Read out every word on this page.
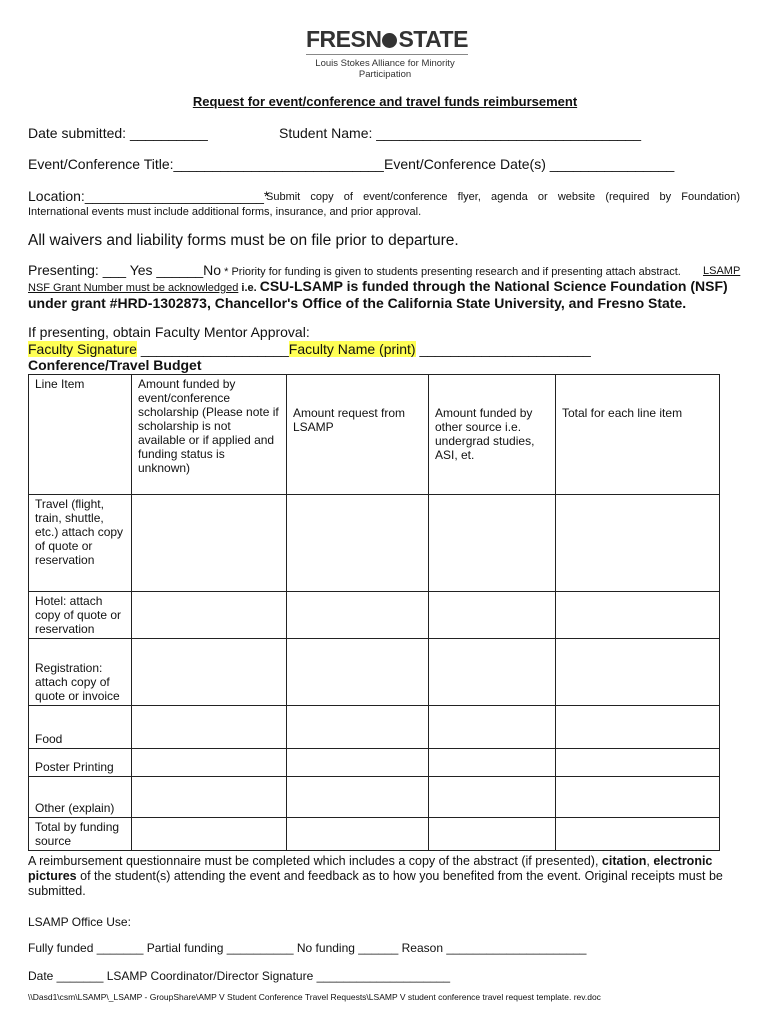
FRESN STATE
Louis Stokes Alliance for Minority
Participation
Request for event/conference and travel funds reimbursement
Date submitted: __________	Student Name: __________________________________
Event/Conference Title:___________________________ Event/Conference Date(s) ________________
Location:_______________________*
Submit copy of event/conference flyer, agenda or website (required by Foundation)
International events must include additional forms, insurance, and prior approval.
All waivers and liability forms must be on file prior to departure.
Presenting: ___ Yes ______No * Priority for funding is given to students presenting research and if presenting attach abstract. LSAMP
NSF Grant Number must be acknowledged i.e. CSU-LSAMP is funded through the National Science Foundation (NSF)
under grant #HRD-1302873, Chancellor's Office of the California State University, and Fresno State.
If presenting, obtain Faculty Mentor Approval:
Faculty Signature ___________________Faculty Name (print) ______________________
Conference/Travel Budget
Line Item	Amount funded by event/conference scholarship (Please note if scholarship is not available or if applied and funding status is unknown)	Amount request from LSAMP	Amount funded by other source i.e. undergrad studies, ASI, et.	Total for each line item
Travel (flight, train, shuttle, etc.) attach copy of quote or reservation				
Hotel: attach copy of quote or reservation				
Registration: attach copy of quote or invoice				
Food				
Poster Printing				
Other (explain)				
Total by funding source				
A reimbursement questionnaire must be completed which includes a copy of the abstract (if presented), citation, electronic pictures of the student(s) attending the event and feedback as to how you benefited from the event. Original receipts must be submitted.
LSAMP Office Use:
Fully funded _______ Partial funding __________ No funding ______ Reason _____________________
Date _______ LSAMP Coordinator/Director Signature ____________________
\\Dasd1\csm\LSAMP\_LSAMP - GroupShare\AMP V Student Conference Travel Requests\LSAMP V student conference travel request template. rev.doc
